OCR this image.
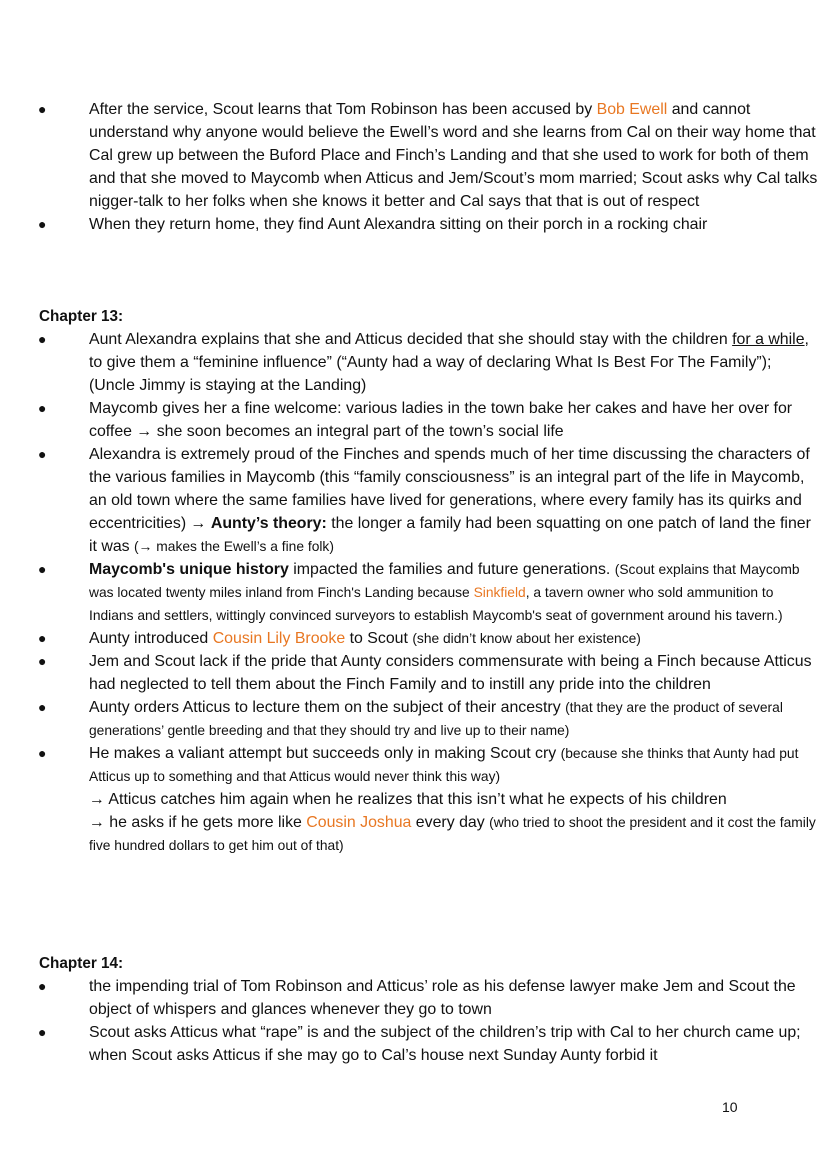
●	After the service, Scout learns that Tom Robinson has been accused by Bob Ewell and cannot understand why anyone would believe the Ewell’s word and she learns from Cal on their way home that Cal grew up between the Buford Place and Finch’s Landing and that she used to work for both of them and that she moved to Maycomb when Atticus and Jem/Scout’s mom married; Scout asks why Cal talks nigger-talk to her folks when she knows it better and Cal says that that is out of respect
●	When they return home, they find Aunt Alexandra sitting on their porch in a rocking chair
Chapter 13:
●	Aunt Alexandra explains that she and Atticus decided that she should stay with the children for a while, to give them a “feminine influence” (“Aunty had a way of declaring What Is Best For The Family”); (Uncle Jimmy is staying at the Landing)
●	Maycomb gives her a fine welcome: various ladies in the town bake her cakes and have her over for coffee → she soon becomes an integral part of the town’s social life
●	Alexandra is extremely proud of the Finches and spends much of her time discussing the characters of the various families in Maycomb (this “family consciousness” is an integral part of the life in Maycomb, an old town where the same families have lived for generations, where every family has its quirks and eccentricities) → Aunty’s theory: the longer a family had been squatting on one patch of land the finer it was (→ makes the Ewell’s a fine folk)
●	Maycomb's unique history impacted the families and future generations. (Scout explains that Maycomb was located twenty miles inland from Finch's Landing because Sinkfield, a tavern owner who sold ammunition to Indians and settlers, wittingly convinced surveyors to establish Maycomb's seat of government around his tavern.)
●	Aunty introduced Cousin Lily Brooke to Scout (she didn’t know about her existence)
●	Jem and Scout lack if the pride that Aunty considers commensurate with being a Finch because Atticus had neglected to tell them about the Finch Family and to instill any pride into the children
●	Aunty orders Atticus to lecture them on the subject of their ancestry (that they are the product of several generations’ gentle breeding and that they should try and live up to their name)
●	He makes a valiant attempt but succeeds only in making Scout cry (because she thinks that Aunty had put Atticus up to something and that Atticus would never think this way)
→ Atticus catches him again when he realizes that this isn’t what he expects of his children
→ he asks if he gets more like Cousin Joshua every day (who tried to shoot the president and it cost the family five hundred dollars to get him out of that)
Chapter 14:
●	the impending trial of Tom Robinson and Atticus’ role as his defense lawyer make Jem and Scout the object of whispers and glances whenever they go to town
●	Scout asks Atticus what “rape” is and the subject of the children’s trip with Cal to her church came up; when Scout asks Atticus if she may go to Cal’s house next Sunday Aunty forbid it
10
